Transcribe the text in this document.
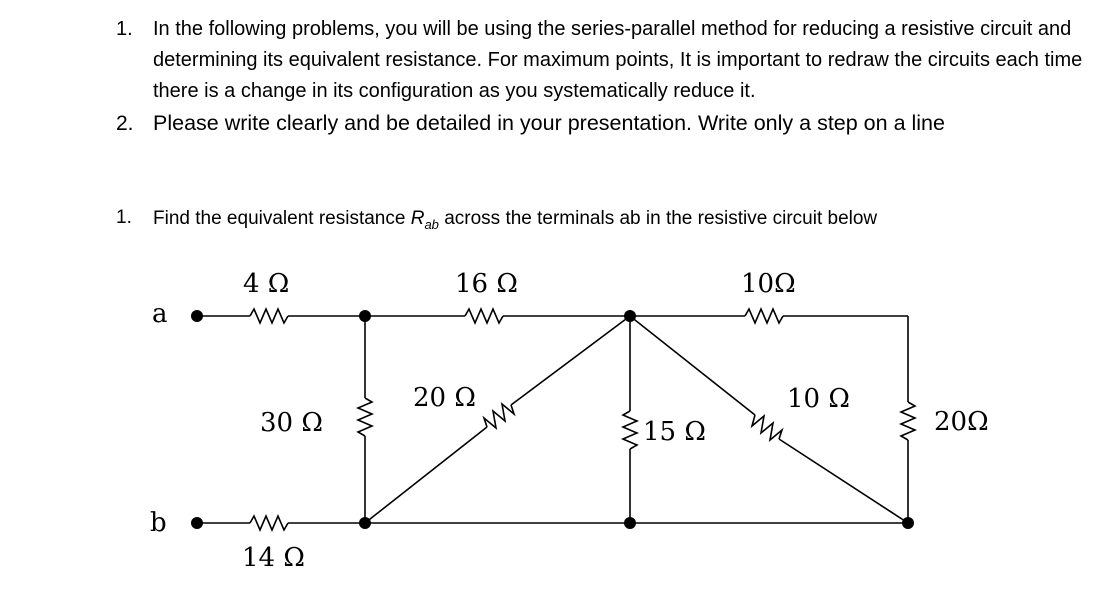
1. In the following problems, you will be using the series-parallel method for reducing a resistive circuit and determining its equivalent resistance. For maximum points, It is important to redraw the circuits each time there is a change in its configuration as you systematically reduce it.
2. Please write clearly and be detailed in your presentation. Write only a step on a line
1. Find the equivalent resistance $R_{ab}$ across the terminals ab in the resistive circuit below
a
b
4 Ω	16 Ω	10Ω
30 Ω
20 Ω
15 Ω
10 Ω
20Ω
14 Ω
